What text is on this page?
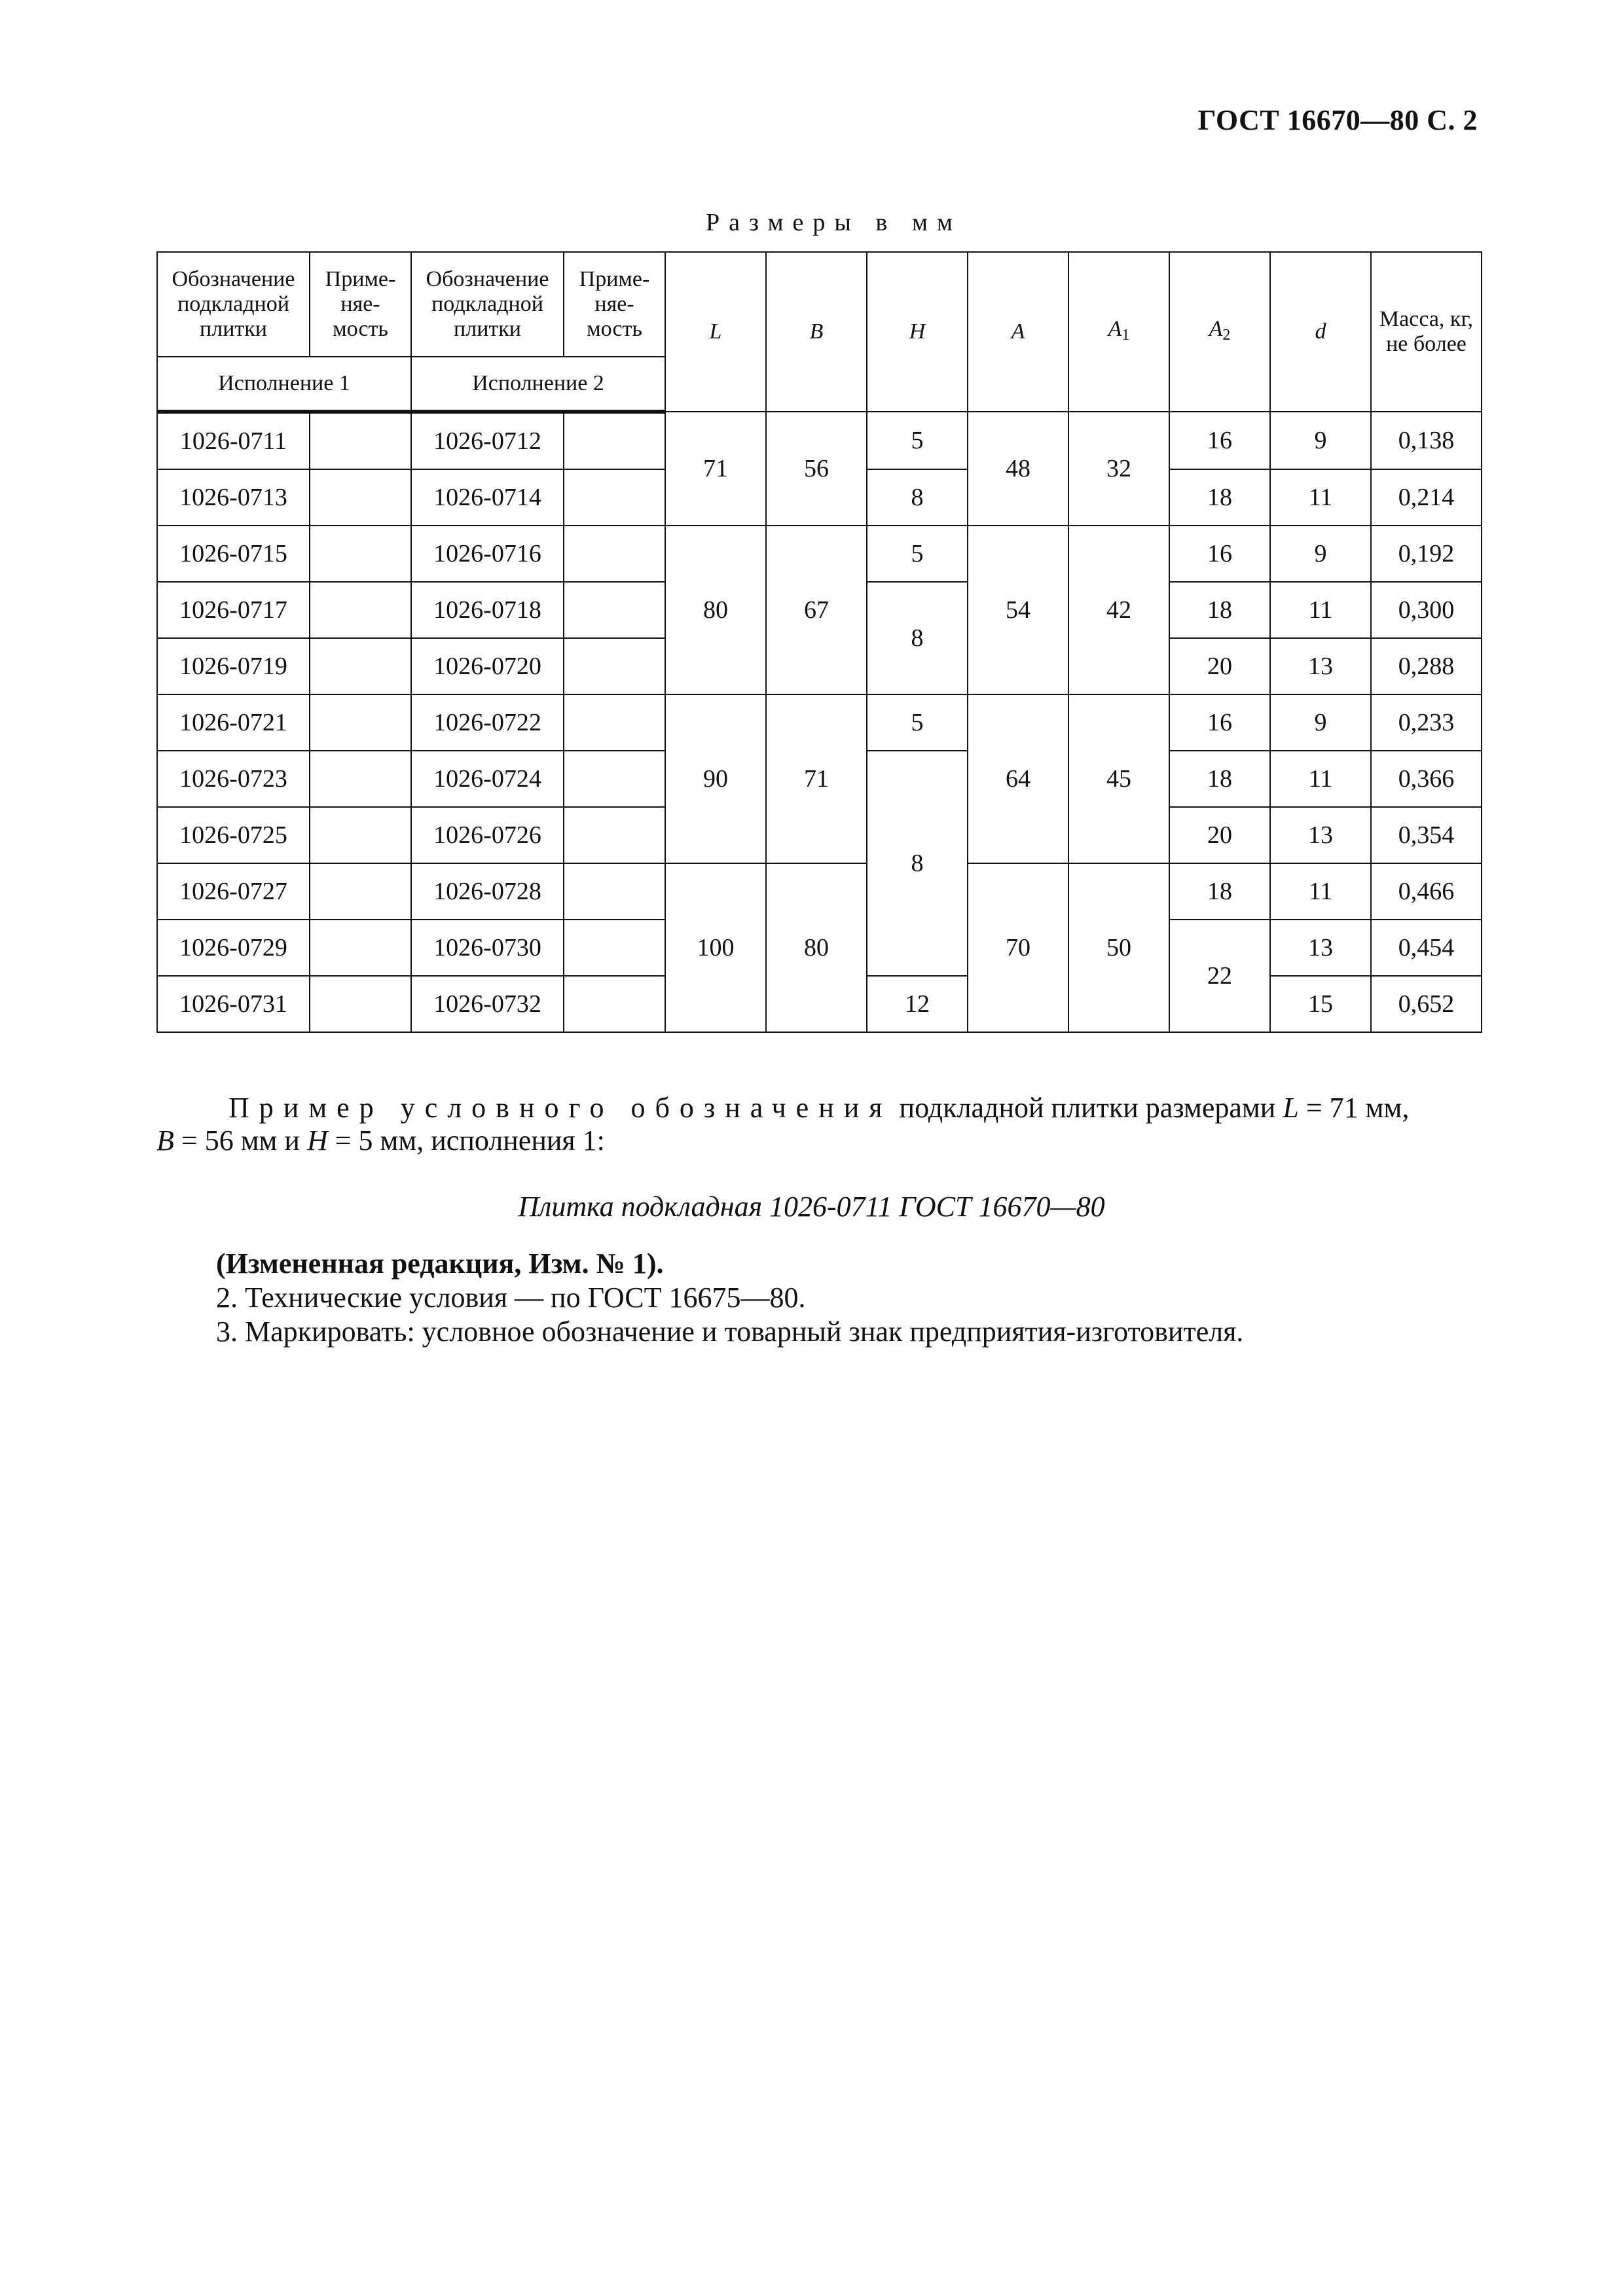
ГОСТ 16670—80 С. 2
Размеры в мм
Обозначение подкладной плитки	Приме- няе- мость	Обозначение подкладной плитки	Приме- няе- мость	L	B	H	A	$A_1$	$A_2$	d	Масса, кг, не более
Исполнение 1		Исполнение 2									
1026-0711		1026-0712		71	56	5	48	32	16	9	0,138
1026-0713		1026-0714				8			18	11	0,214
1026-0715		1026-0716		80	67	5	54	42	16	9	0,192
1026-0717		1026-0718				8			18	11	0,300
1026-0719		1026-0720							20	13	0,288
1026-0721		1026-0722		90	71	5	64	45	16	9	0,233
1026-0723		1026-0724				8			18	11	0,366
1026-0725		1026-0726							20	13	0,354
1026-0727		1026-0728		100	80		70	50	18	11	0,466
1026-0729		1026-0730							22	13	0,454
1026-0731		1026-0732				12				15	0,652
Пример условного обозначения подкладной плитки размерами L = 71 мм,
B = 56 мм и H = 5 мм, исполнения 1:
Плитка подкладная 1026-0711 ГОСТ 16670—80
(Измененная редакция, Изм. № 1).
2. Технические условия — по ГОСТ 16675—80.
3. Маркировать: условное обозначение и товарный знак предприятия-изготовителя.
